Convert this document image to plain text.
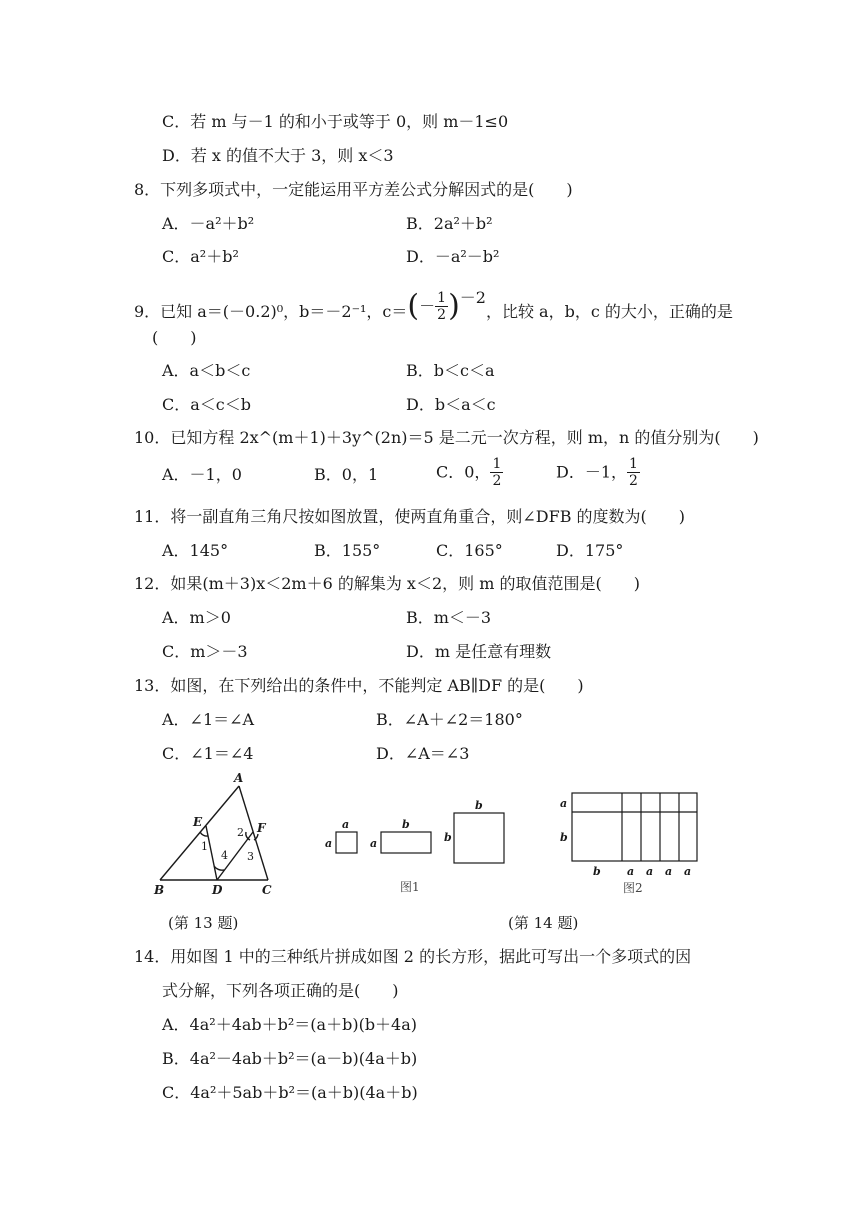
C．若 m 与－1 的和小于或等于 0，则 m－1≤0
D．若 x 的值不大于 3，则 x＜3
8．下列多项式中，一定能运用平方差公式分解因式的是(　　)
A．－a²＋b²	B．2a²＋b²
C．a²＋b²	D．－a²－b²
9．已知 a＝(－0.2)⁰，b＝－2⁻¹，$c=(- \frac{1}{2} )-2$，比较 a，b，c 的大小，正确的是
(　　)
A．a＜b＜c	B．b＜c＜a
C．a＜c＜b	D．b＜a＜c
10．已知方程 2x^(m＋1)＋3y^(2n)＝5 是二元一次方程，则 m，n 的值分别为(　　)
A．－1，0	B．0，1	C．0， $\frac{1}{2}$	D．－1， $\frac{1}{2}$
11．将一副直角三角尺按如图放置，使两直角重合，则∠DFB 的度数为(　　)
A．145°	B．155°	C．165°	D．175°
12．如果(m＋3)x＜2m＋6 的解集为 x＜2，则 m 的取值范围是(　　)
A．m＞0	B．m＜－3
C．m＞－3	D．m 是任意有理数
13．如图，在下列给出的条件中，不能判定 AB∥DF 的是(　　)
A．∠1＝∠A	B．∠A＋∠2＝180°
C．∠1＝∠4	D．∠A＝∠3
A
E	F
B	D	C
1
2
3
4
a
a
b
a
b
b
图1
a
b
b a a a a
图2
(第 13 题)	(第 14 题)
14．用如图 1 中的三种纸片拼成如图 2 的长方形，据此可写出一个多项式的因
式分解，下列各项正确的是(　　)
A．4a²＋4ab＋b²＝(a＋b)(b＋4a)
B．4a²－4ab＋b²＝(a－b)(4a＋b)
C．4a²＋5ab＋b²＝(a＋b)(4a＋b)
